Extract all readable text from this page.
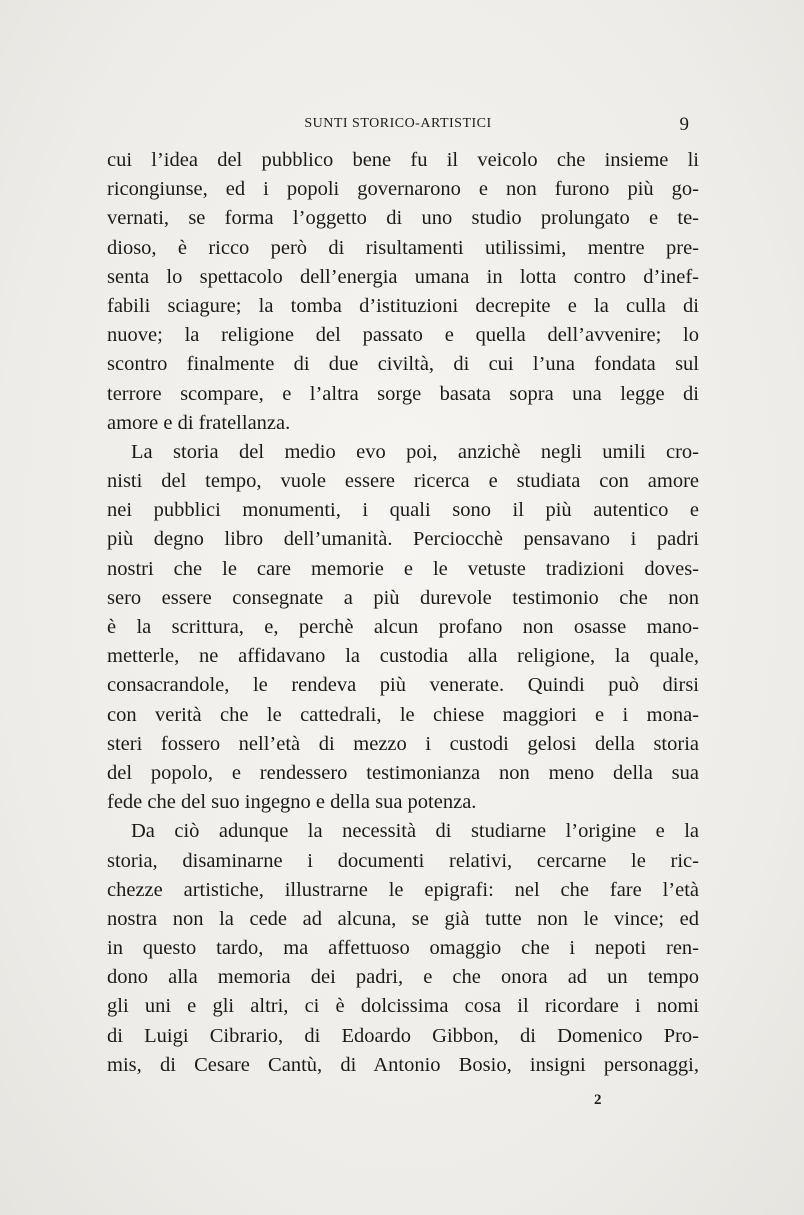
SUNTI STORICO-ARTISTICI	9
cui l’idea del pubblico bene fu il veicolo che insieme li
ricongiunse, ed i popoli governarono e non furono più go-
vernati, se forma l’oggetto di uno studio prolungato e te-
dioso, è ricco però di risultamenti utilissimi, mentre pre-
senta lo spettacolo dell’energia umana in lotta contro d’inef-
fabili sciagure; la tomba d’istituzioni decrepite e la culla di
nuove; la religione del passato e quella dell’avvenire; lo
scontro finalmente di due civiltà, di cui l’una fondata sul
terrore scompare, e l’altra sorge basata sopra una legge di
amore e di fratellanza.
La storia del medio evo poi, anzichè negli umili cro-
nisti del tempo, vuole essere ricerca e studiata con amore
nei pubblici monumenti, i quali sono il più autentico e
più degno libro dell’umanità. Perciocchè pensavano i padri
nostri che le care memorie e le vetuste tradizioni doves-
sero essere consegnate a più durevole testimonio che non
è la scrittura, e, perchè alcun profano non osasse mano-
metterle, ne affidavano la custodia alla religione, la quale,
consacrandole, le rendeva più venerate. Quindi può dirsi
con verità che le cattedrali, le chiese maggiori e i mona-
steri fossero nell’età di mezzo i custodi gelosi della storia
del popolo, e rendessero testimonianza non meno della sua
fede che del suo ingegno e della sua potenza.
Da ciò adunque la necessità di studiarne l’origine e la
storia, disaminarne i documenti relativi, cercarne le ric-
chezze artistiche, illustrarne le epigrafi: nel che fare l’età
nostra non la cede ad alcuna, se già tutte non le vince; ed
in questo tardo, ma affettuoso omaggio che i nepoti ren-
dono alla memoria dei padri, e che onora ad un tempo
gli uni e gli altri, ci è dolcissima cosa il ricordare i nomi
di Luigi Cibrario, di Edoardo Gibbon, di Domenico Pro-
mis, di Cesare Cantù, di Antonio Bosio, insigni personaggi,
2
